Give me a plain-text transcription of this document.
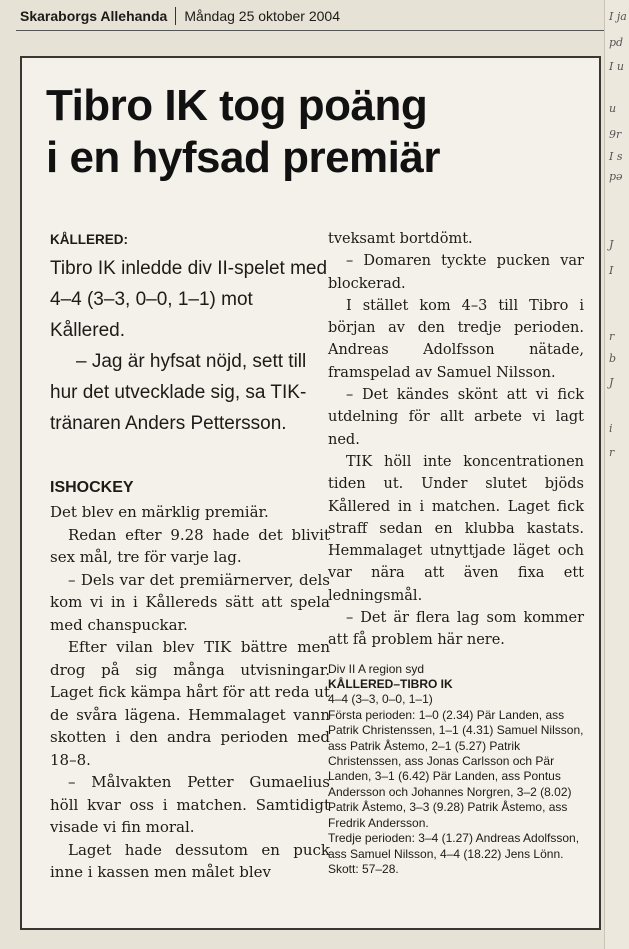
Skaraborgs Allehanda Måndag 25 oktober 2004	I ja
pd
I u
u
9r
I s
pə
J
I
r
b
J
i
r
Tibro IK tog poäng
i en hyfsad premiär
KÅLLERED:

Tibro IK inledde div II-spelet med 4–4 (3–3, 0–0, 1–1) mot Kållered.

– Jag är hyfsat nöjd, sett till hur det utvecklade sig, sa TIK-tränaren Anders Pettersson.

ISHOCKEY

Det blev en märklig premiär.

Redan efter 9.28 hade det blivit sex mål, tre för varje lag.

– Dels var det premiärnerver, dels kom vi in i Kållereds sätt att spela med chanspuckar.

Efter vilan blev TIK bättre men drog på sig många utvisningar. Laget fick kämpa hårt för att reda ut de svåra lägena. Hemmalaget vann skotten i den andra perioden med 18–8.

– Målvakten Petter Gumaelius höll kvar oss i matchen. Samtidigt visade vi fin moral.

Laget hade dessutom en puck inne i kassen men målet blev

tveksamt bortdömt.

– Domaren tyckte pucken var blockerad.

I stället kom 4–3 till Tibro i början av den tredje perioden. Andreas Adolfsson nätade, framspelad av Samuel Nilsson.

– Det kändes skönt att vi fick utdelning för allt arbete vi lagt ned.

TIK höll inte koncentrationen tiden ut. Under slutet bjöds Kållered in i matchen. Laget fick straff sedan en klubba kastats. Hemmalaget utnyttjade läget och var nära att även fixa ett ledningsmål.

– Det är flera lag som kommer att få problem här nere.

Div II A region syd
KÅLLERED–TIBRO IK
4–4 (3–3, 0–0, 1–1)
Första perioden: 1–0 (2.34) Pär Landen, ass Patrik Christenssen, 1–1 (4.31) Samuel Nilsson, ass Patrik Åstemo, 2–1 (5.27) Patrik Christenssen, ass Jonas Carlsson och Pär Landen, 3–1 (6.42) Pär Landen, ass Pontus Andersson och Johannes Norgren, 3–2 (8.02) Patrik Åstemo, 3–3 (9.28) Patrik Åstemo, ass Fredrik Andersson.
Tredje perioden: 3–4 (1.27) Andreas Adolfsson, ass Samuel Nilsson, 4–4 (18.22) Jens Lönn.
Skott: 57–28.
